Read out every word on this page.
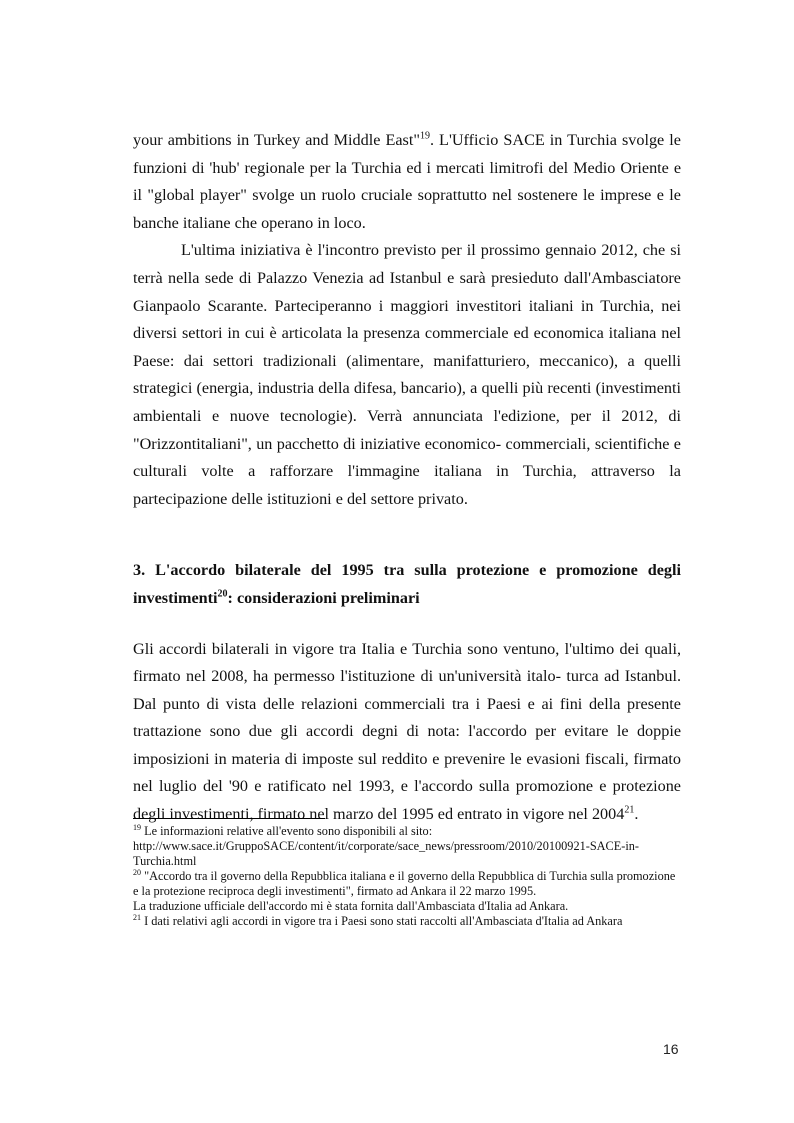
your ambitions in Turkey and Middle East"$^{19}$. L'Ufficio SACE in Turchia svolge le funzioni di 'hub' regionale per la Turchia ed i mercati limitrofi del Medio Oriente e il "global player" svolge un ruolo cruciale soprattutto nel sostenere le imprese e le banche italiane che operano in loco.

L'ultima iniziativa è l'incontro previsto per il prossimo gennaio 2012, che si terrà nella sede di Palazzo Venezia ad Istanbul e sarà presieduto dall'Ambasciatore Gianpaolo Scarante. Parteciperanno i maggiori investitori italiani in Turchia, nei diversi settori in cui è articolata la presenza commerciale ed economica italiana nel Paese: dai settori tradizionali (alimentare, manifatturiero, meccanico), a quelli strategici (energia, industria della difesa, bancario), a quelli più recenti (investimenti ambientali e nuove tecnologie). Verrà annunciata l'edizione, per il 2012, di "Orizzontitaliani", un pacchetto di iniziative economico- commerciali, scientifiche e culturali volte a rafforzare l'immagine italiana in Turchia, attraverso la partecipazione delle istituzioni e del settore privato.

3. L'accordo bilaterale del 1995 tra sulla protezione e promozione degli investimenti$^{20}$: considerazioni preliminari

Gli accordi bilaterali in vigore tra Italia e Turchia sono ventuno, l'ultimo dei quali, firmato nel 2008, ha permesso l'istituzione di un'università italo- turca ad Istanbul. Dal punto di vista delle relazioni commerciali tra i Paesi e ai fini della presente trattazione sono due gli accordi degni di nota: l'accordo per evitare le doppie imposizioni in materia di imposte sul reddito e prevenire le evasioni fiscali, firmato nel luglio del '90 e ratificato nel 1993, e l'accordo sulla promozione e protezione degli investimenti, firmato nel marzo del 1995 ed entrato in vigore nel 2004$^{21}$.

$^{19}$ Le informazioni relative all'evento sono disponibili al sito:
http://www.sace.it/GruppoSACE/content/it/corporate/sace_news/pressroom/2010/20100921-SACE-in-Turchia.html

$^{20}$ "Accordo tra il governo della Repubblica italiana e il governo della Repubblica di Turchia sulla promozione e la protezione reciproca degli investimenti", firmato ad Ankara il 22 marzo 1995.
La traduzione ufficiale dell'accordo mi è stata fornita dall'Ambasciata d'Italia ad Ankara.

$^{21}$ I dati relativi agli accordi in vigore tra i Paesi sono stati raccolti all'Ambasciata d'Italia ad Ankara

16
